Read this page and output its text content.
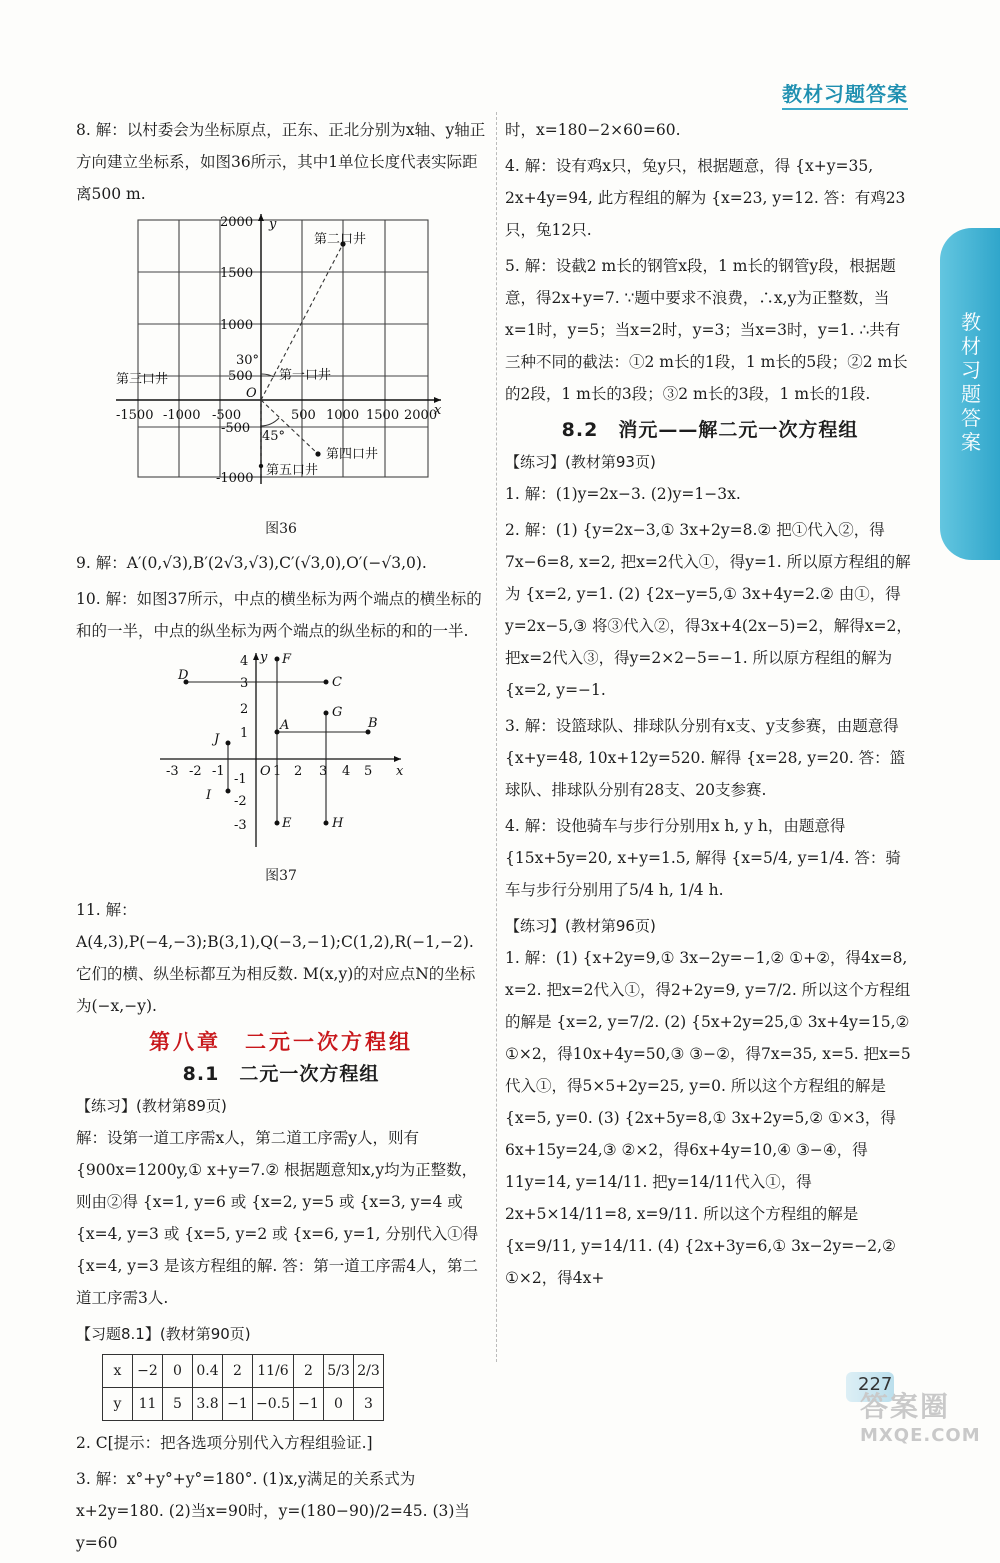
教材习题答案
教材习题答案

8. 解：以村委会为坐标原点，正东、正北分别为x轴、y轴正方向建立坐标系，如图36所示，其中1单位长度代表实际距离500 m.

2000
1500
1000
500
-500
-1000
-1500 -1000 -500	500 1000 1500 2000
x
y
O
30°
45°
第二口井
第一口井
第三口井
第四口井
第五口井
图36

9. 解：A′(0,√3),B′(2√3,√3),C′(√3,0),O′(−√3,0).

10. 解：如图37所示，中点的横坐标为两个端点的横坐标的和的一半，中点的纵坐标为两个端点的纵坐标的和的一半.

-3 -2 -1	1 2 3 4 5
4
3
2
1
-1
-2
-3
x
y
O
D	C
F
G
B
A
J
I
E	H
图37

11. 解：A(4,3),P(−4,−3);B(3,1),Q(−3,−1);C(1,2),R(−1,−2). 它们的横、纵坐标都互为相反数. M(x,y)的对应点N的坐标为(−x,−y).

第八章　二元一次方程组
8.1　二元一次方程组
【练习】(教材第89页)

解：设第一道工序需x人，第二道工序需y人，则有 {900x=1200y,① x+y=7.② 根据题意知x,y均为正整数，则由②得 {x=1, y=6 或 {x=2, y=5 或 {x=3, y=4 或 {x=4, y=3 或 {x=5, y=2 或 {x=6, y=1, 分别代入①得 {x=4, y=3 是该方程组的解. 答：第一道工序需4人，第二道工序需3人.

【习题8.1】(教材第90页)
x	−2	0	0.4	2	11/6	2	5/3	2/3
y	11	5	3.8	−1	−0.5	−1	0	3

2. C[提示：把各选项分别代入方程组验证.]

3. 解：x°+y°+y°=180°. (1)x,y满足的关系式为x+2y=180. (2)当x=90时，y=(180−90)/2=45. (3)当y=60

时，x=180−2×60=60.

4. 解：设有鸡x只，兔y只，根据题意，得 {x+y=35, 2x+4y=94, 此方程组的解为 {x=23, y=12. 答：有鸡23只，兔12只.

5. 解：设截2 m长的钢管x段，1 m长的钢管y段，根据题意，得2x+y=7. ∵题中要求不浪费，∴x,y为正整数，当x=1时，y=5；当x=2时，y=3；当x=3时，y=1. ∴共有三种不同的截法：①2 m长的1段，1 m长的5段；②2 m长的2段，1 m长的3段；③2 m长的3段，1 m长的1段.

8.2　消元——解二元一次方程组
【练习】(教材第93页)

1. 解：(1)y=2x−3. (2)y=1−3x.

2. 解：(1) {y=2x−3,① 3x+2y=8.② 把①代入②，得7x−6=8, x=2, 把x=2代入①，得y=1. 所以原方程组的解为 {x=2, y=1. (2) {2x−y=5,① 3x+4y=2.② 由①，得y=2x−5,③ 将③代入②，得3x+4(2x−5)=2，解得x=2，把x=2代入③，得y=2×2−5=−1. 所以原方程组的解为 {x=2, y=−1.

3. 解：设篮球队、排球队分别有x支、y支参赛，由题意得 {x+y=48, 10x+12y=520. 解得 {x=28, y=20. 答：篮球队、排球队分别有28支、20支参赛.

4. 解：设他骑车与步行分别用x h, y h，由题意得 {15x+5y=20, x+y=1.5, 解得 {x=5/4, y=1/4. 答：骑车与步行分别用了5/4 h, 1/4 h.

【练习】(教材第96页)

1. 解：(1) {x+2y=9,① 3x−2y=−1,② ①+②，得4x=8, x=2. 把x=2代入①，得2+2y=9, y=7/2. 所以这个方程组的解是 {x=2, y=7/2. (2) {5x+2y=25,① 3x+4y=15,② ①×2，得10x+4y=50,③ ③−②，得7x=35, x=5. 把x=5代入①，得5×5+2y=25, y=0. 所以这个方程组的解是 {x=5, y=0. (3) {2x+5y=8,① 3x+2y=5,② ①×3，得6x+15y=24,③ ②×2，得6x+4y=10,④ ③−④，得11y=14, y=14/11. 把y=14/11代入①，得2x+5×14/11=8, x=9/11. 所以这个方程组的解是 {x=9/11, y=14/11. (4) {2x+3y=6,① 3x−2y=−2,② ①×2，得4x+

227
答案圈
MXQE.COM
